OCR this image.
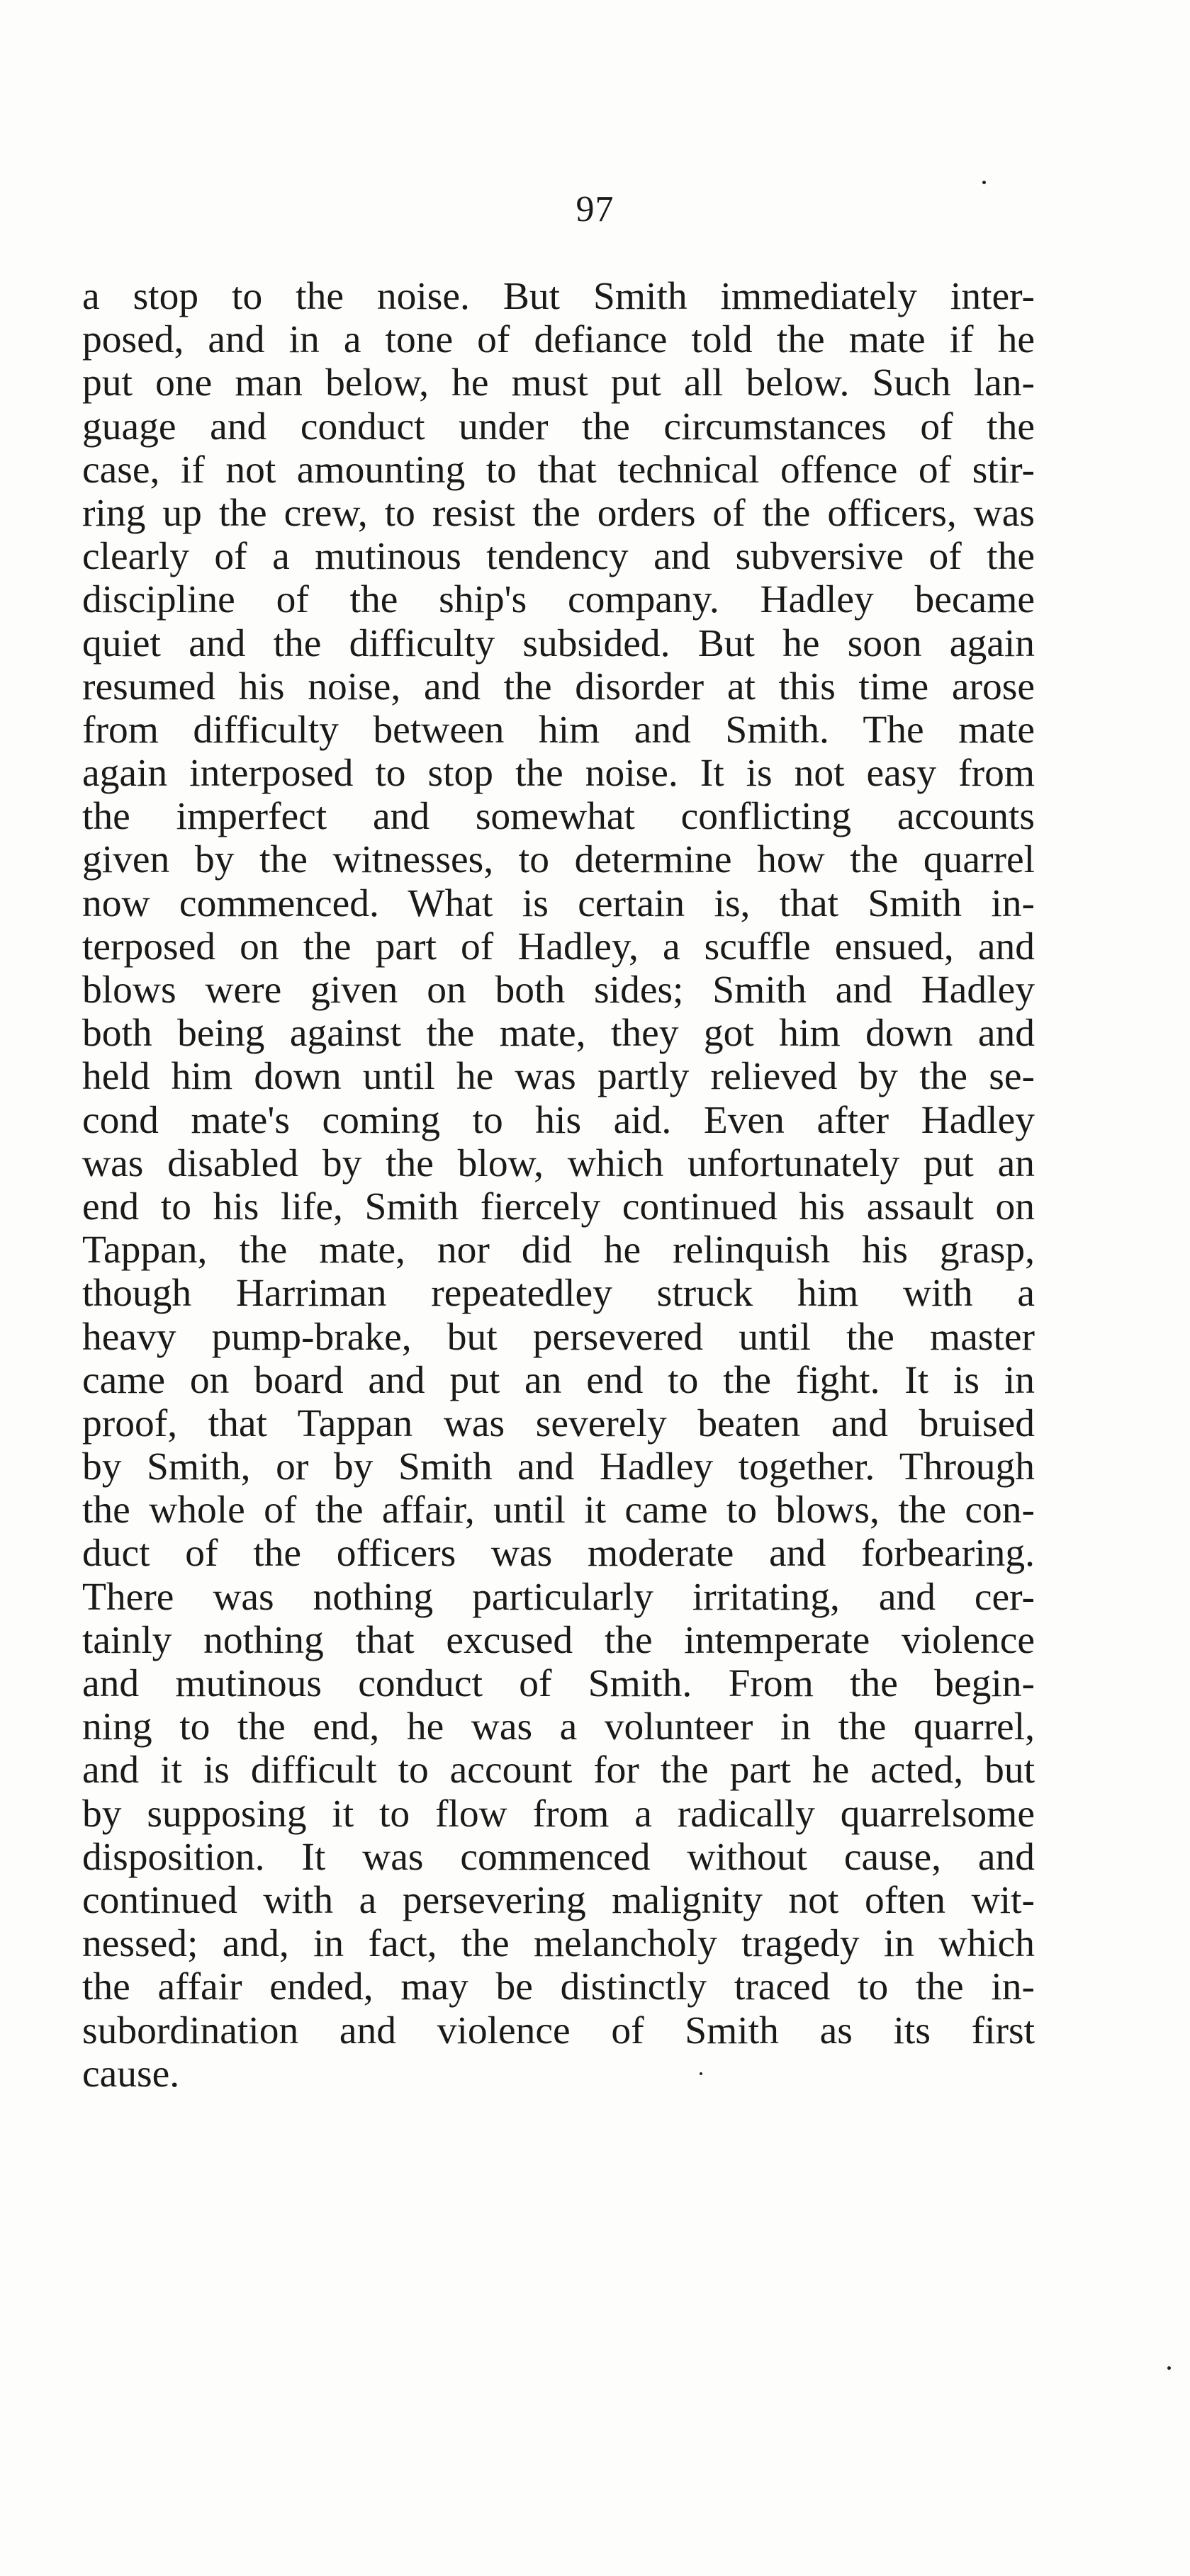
97
a stop to the noise. But Smith immediately inter-
posed, and in a tone of defiance told the mate if he
put one man below, he must put all below. Such lan-
guage and conduct under the circumstances of the
case, if not amounting to that technical offence of stir-
ring up the crew, to resist the orders of the officers, was
clearly of a mutinous tendency and subversive of the
discipline of the ship's company. Hadley became
quiet and the difficulty subsided. But he soon again
resumed his noise, and the disorder at this time arose
from difficulty between him and Smith. The mate
again interposed to stop the noise. It is not easy from
the imperfect and somewhat conflicting accounts
given by the witnesses, to determine how the quarrel
now commenced. What is certain is, that Smith in-
terposed on the part of Hadley, a scuffle ensued, and
blows were given on both sides; Smith and Hadley
both being against the mate, they got him down and
held him down until he was partly relieved by the se-
cond mate's coming to his aid. Even after Hadley
was disabled by the blow, which unfortunately put an
end to his life, Smith fiercely continued his assault on
Tappan, the mate, nor did he relinquish his grasp,
though Harriman repeatedley struck him with a
heavy pump-brake, but persevered until the master
came on board and put an end to the fight. It is in
proof, that Tappan was severely beaten and bruised
by Smith, or by Smith and Hadley together. Through
the whole of the affair, until it came to blows, the con-
duct of the officers was moderate and forbearing.
There was nothing particularly irritating, and cer-
tainly nothing that excused the intemperate violence
and mutinous conduct of Smith. From the begin-
ning to the end, he was a volunteer in the quarrel,
and it is difficult to account for the part he acted, but
by supposing it to flow from a radically quarrelsome
disposition. It was commenced without cause, and
continued with a persevering malignity not often wit-
nessed; and, in fact, the melancholy tragedy in which
the affair ended, may be distinctly traced to the in-
subordination and violence of Smith as its first
cause.
